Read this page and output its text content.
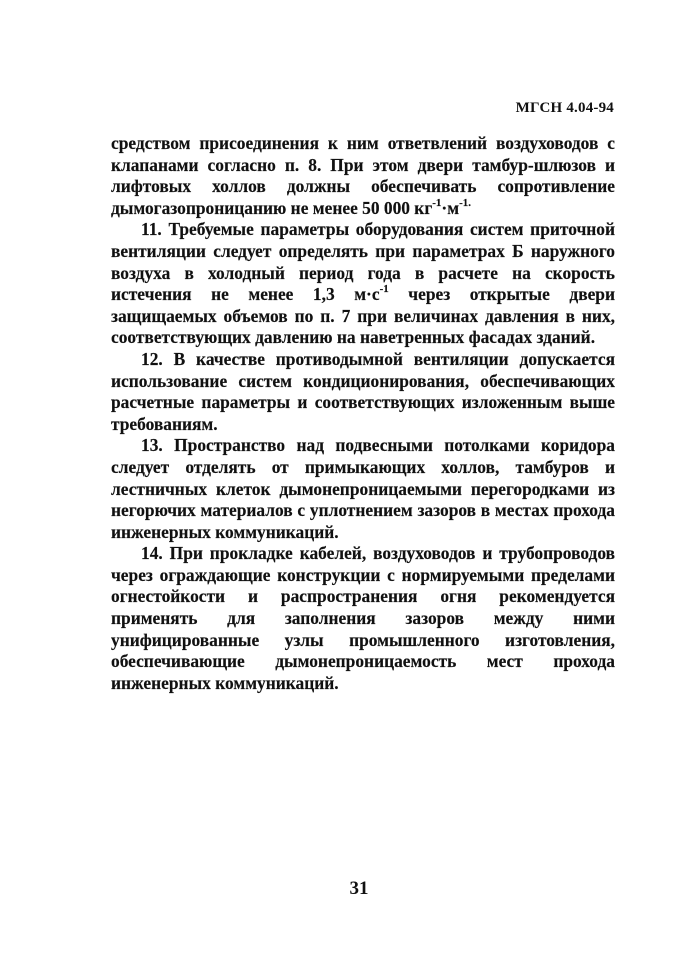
МГСН 4.04-94

средством присоединения к ним ответвлений воздуховодов с клапанами согласно п. 8. При этом двери тамбур-шлюзов и лифтовых холлов должны обеспечивать сопротивление дымогазопроницанию не менее 50 000 $кг^{-1}\cdot м^{-1.}$

11. Требуемые параметры оборудования систем приточной вентиляции следует определять при параметрах Б наружного воздуха в холодный период года в расчете на скорость истечения не менее 1,3 $м\cdot с^{-1}$ через открытые двери защищаемых объемов по п. 7 при величинах давления в них, соответствующих давлению на наветренных фасадах зданий.

12. В качестве противодымной вентиляции допускается использование систем кондиционирования, обеспечивающих расчетные параметры и соответствующих изложенным выше требованиям.

13. Пространство над подвесными потолками коридора следует отделять от примыкающих холлов, тамбуров и лестничных клеток дымонепроницаемыми перегородками из негорючих материалов с уплотнением зазоров в местах прохода инженерных коммуникаций.

14. При прокладке кабелей, воздуховодов и трубопроводов через ограждающие конструкции с нормируемыми пределами огнестойкости и распространения огня рекомендуется применять для заполнения зазоров между ними унифицированные узлы промышленного изготовления, обеспечивающие дымонепроницаемость мест прохода инженерных коммуникаций.

31
